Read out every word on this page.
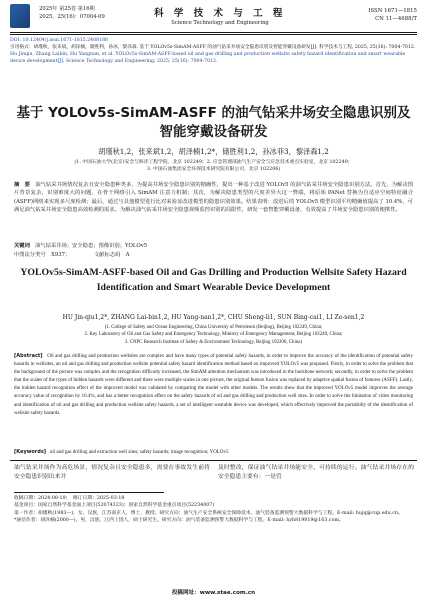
2025年 第25卷 第16期
2025，25(16)：07004-09	科 学 技 术 与 工 程
Science Technology and Engineering
ISSN 1671—1815
CN 11—4688/T
DOI: 10.12404/j.issn.1671-1815.2408188
引用格式：胡瑾秋，张来斌，胡泽楠，储胜利，孙冰，黎泽森. 基于 YOLOv5s-SimAM-ASFF 的油气钻采井场安全隐患识别及智能穿戴设备研发[J]. 科学技术与工程, 2025, 25(16): 7004-7012.
Hu Jinqiu, Zhang Laibin, Hu Yangnan, et al. YOLOv5s-SimAM-ASFF-based oil and gas drilling and production wellsite safety hazard identification and smart wearable device development[J]. Science Technology and Engineering, 2025, 25(16): 7004-7012.
基于 YOLOv5s-SimAM-ASFF 的油气钻采井场安全隐患识别及智能穿戴设备研发
胡瑾秋1,2，张来斌1,2，胡泽楠1,2*，储胜利1,2，孙冰菲3，黎泽森1,2
(1. 中国石油大学(北京)安全与海洋工程学院，北京 102249；2. 应急管理部油气生产安全与应急技术重点实验室，北京 102249；
3. 中国石油集团安全环保技术研究院有限公司，北京 102206)
摘　要 油气钻采井场情况复杂且安全隐患种类多，为提高井场安全隐患识别的精确性，提出一种基于改进 YOLOv5 的油气钻采井场安全隐患识别方法。首先，为解决图片背景复杂，识别难度大的问题，在骨干网络引入 SimAM 注意力机制；其次，为解决隐患类型的尺度差异大这一弊端，将原始 PANet 替换为自适应空间特征融合(ASFF)网络来实现多尺度检测；最后，通过与具他模型进行比对来验证改进模型的隐患识别效果。结果表明：改进后的 YOLOv5 模型识别平均精确值提高了 10.4%，可满足油气钻采井场安全隐患高效检测的需求。为解决油气钻采井场安全隐患视频监控识别的局限性，研发一套智能穿戴设备，有效提高了井场安全隐患识别的便携性。
关键词 油气钻采井场；安全隐患；图像识别；YOLOv5
中图法分类号　X937；	文献标志码　A
YOLOv5s-SimAM-ASFF-based Oil and Gas Drilling and Production Wellsite Safety Hazard Identification and Smart Wearable Device Development
HU Jin-qiu1,2*, ZHANG Lai-bin1,2, HU Yang-nan1,2*, CHU Sheng-li1, SUN Bing-cai1, LI Ze-sen1,2
(1. College of Safety and Ocean Engineering, China University of Petroleum (Beijing), Beijing 102249, China;
2. Key Laboratory of Oil and Gas Safety and Emergency Technology, Ministry of Emergency Management, Beijing 102249, China;
3. CNPC Research Institute of Safety & Environment Technology, Beijing 102206, China)
[Abstract] Oil and gas drilling and production wellsites are complex and have many types of potential safety hazards, in order to improve the accuracy of the identification of potential safety hazards in wellsites, an oil and gas drilling and production wellsite potential safety hazard identification method based on improved YOLOv5 was proposed. Firstly, in order to solve the problem that the background of the picture was complex and the recognition difficulty increased, the SimAM attention mechanism was introduced in the backbone network; secondly, in order to solve the problem that the scales of the types of hidden hazards were different and there were multiple scales in one picture, the original feature fusion was replaced by adaptive spatial fusion of features (ASFF). Lastly, the hidden hazard recognition effect of the improved model was validated by comparing the model with other models. The results show that the improved YOLOv5 model improves the average accuracy value of recognition by 10.4%, and has a better recognition effect on the safety hazards of oil and gas drilling and production well sites. In order to solve the limitation of video monitoring and identification of oil and gas drilling and production wellsite safety hazards, a set of intelligent wearable device was developed, which effectively improved the portability of the identification of wellsite safety hazards.
[Keywords] oil and gas drilling and extraction well sites; safety hazards; image recognition; YOLOv5
油气钻采井场作为高危场景，情况复杂且安全隐患多，需要在事故发生前将安全隐患识别出来并
及时整改，保证油气钻采井场能安全、可持续的运行。油气钻采井场存在的安全隐患主要有：一是管

收稿日期：2024-08-19；　修订日期：2025-03-18

基金项目：国家自然科学基金面上项目(52074323)；国家自然科学基金重点项目(52234007)

第一作者：胡瑾秋(1983—)，女，汉族，江苏南京人，博士，教授。研究方向：油气生产安全系统安全保障技术、油气装备监测预警大数据科学与工程。E-mail: hujq@cup.edu.cn。

*通信作者：胡泽楠(2000—)，男，汉族，江西上饶人，硕士研究生。研究方向：油气装备监测预警大数据科学与工程。E-mail: hyh819819@163.com。

投稿网址：www.stae.com.cn
